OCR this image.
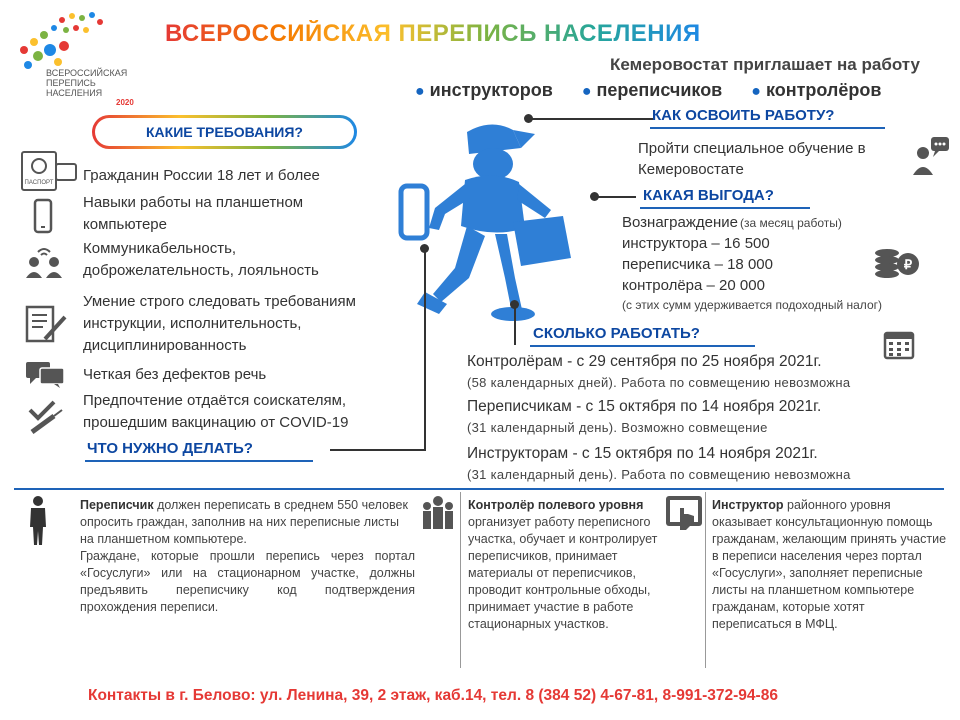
ВСЕРОССИЙСКАЯ
ПЕРЕПИСЬ
НАСЕЛЕНИЯ
2020
ВСЕРОССИЙСКАЯ ПЕРЕПИСЬ НАСЕЛЕНИЯ
Кемеровостат приглашает на работу
● инструкторов ● переписчиков ● контролёров
КАКИЕ ТРЕБОВАНИЯ?
ПАСПОРТ Гражданин России 18 лет и более
Навыки работы на планшетном компьютере
Коммуникабельность, доброжелательность, лояльность
Умение строго следовать требованиям инструкции, исполнительность, дисциплинированность
Четкая без дефектов речь
Предпочтение отдаётся соискателям, прошедшим вакцинацию от COVID-19
КАК ОСВОИТЬ РАБОТУ?
Пройти специальное обучение в Кемеровостате
КАКАЯ ВЫГОДА?
Вознаграждение (за месяц работы)
инструктора – 16 500
переписчика – 18 000
контролёра – 20 000
(с этих сумм удерживается подоходный налог)
₽
СКОЛЬКО РАБОТАТЬ?
Контролёрам - с 29 сентября по 25 ноября 2021г.
(58 календарных дней). Работа по совмещению невозможна
Переписчикам - с 15 октября по 14 ноября 2021г.
(31 календарный день). Возможно совмещение
Инструкторам - с 15 октября по 14 ноября 2021г.
(31 календарный день). Работа по совмещению невозможна
ЧТО НУЖНО ДЕЛАТЬ?
Переписчик должен переписать в среднем 550 человек
опросить граждан, заполнив на них переписные листы на планшетном компьютере.
Граждане, которые прошли перепись через портал «Госуслуги» или на стационарном участке, должны предъявить переписчику код подтверждения прохождения переписи.
Контролёр полевого уровня организует работу переписного участка, обучает и контролирует переписчиков, принимает материалы от переписчиков, проводит контрольные обходы, принимает участие в работе стационарных участков.
Инструктор районного уровня оказывает консультационную помощь гражданам, желающим принять участие в переписи населения через портал «Госуслуги», заполняет переписные листы на планшетном компьютере гражданам, которые хотят переписаться в МФЦ.
Контакты в г. Белово: ул. Ленина, 39, 2 этаж, каб.14, тел. 8 (384 52) 4-67-81, 8-991-372-94-86
